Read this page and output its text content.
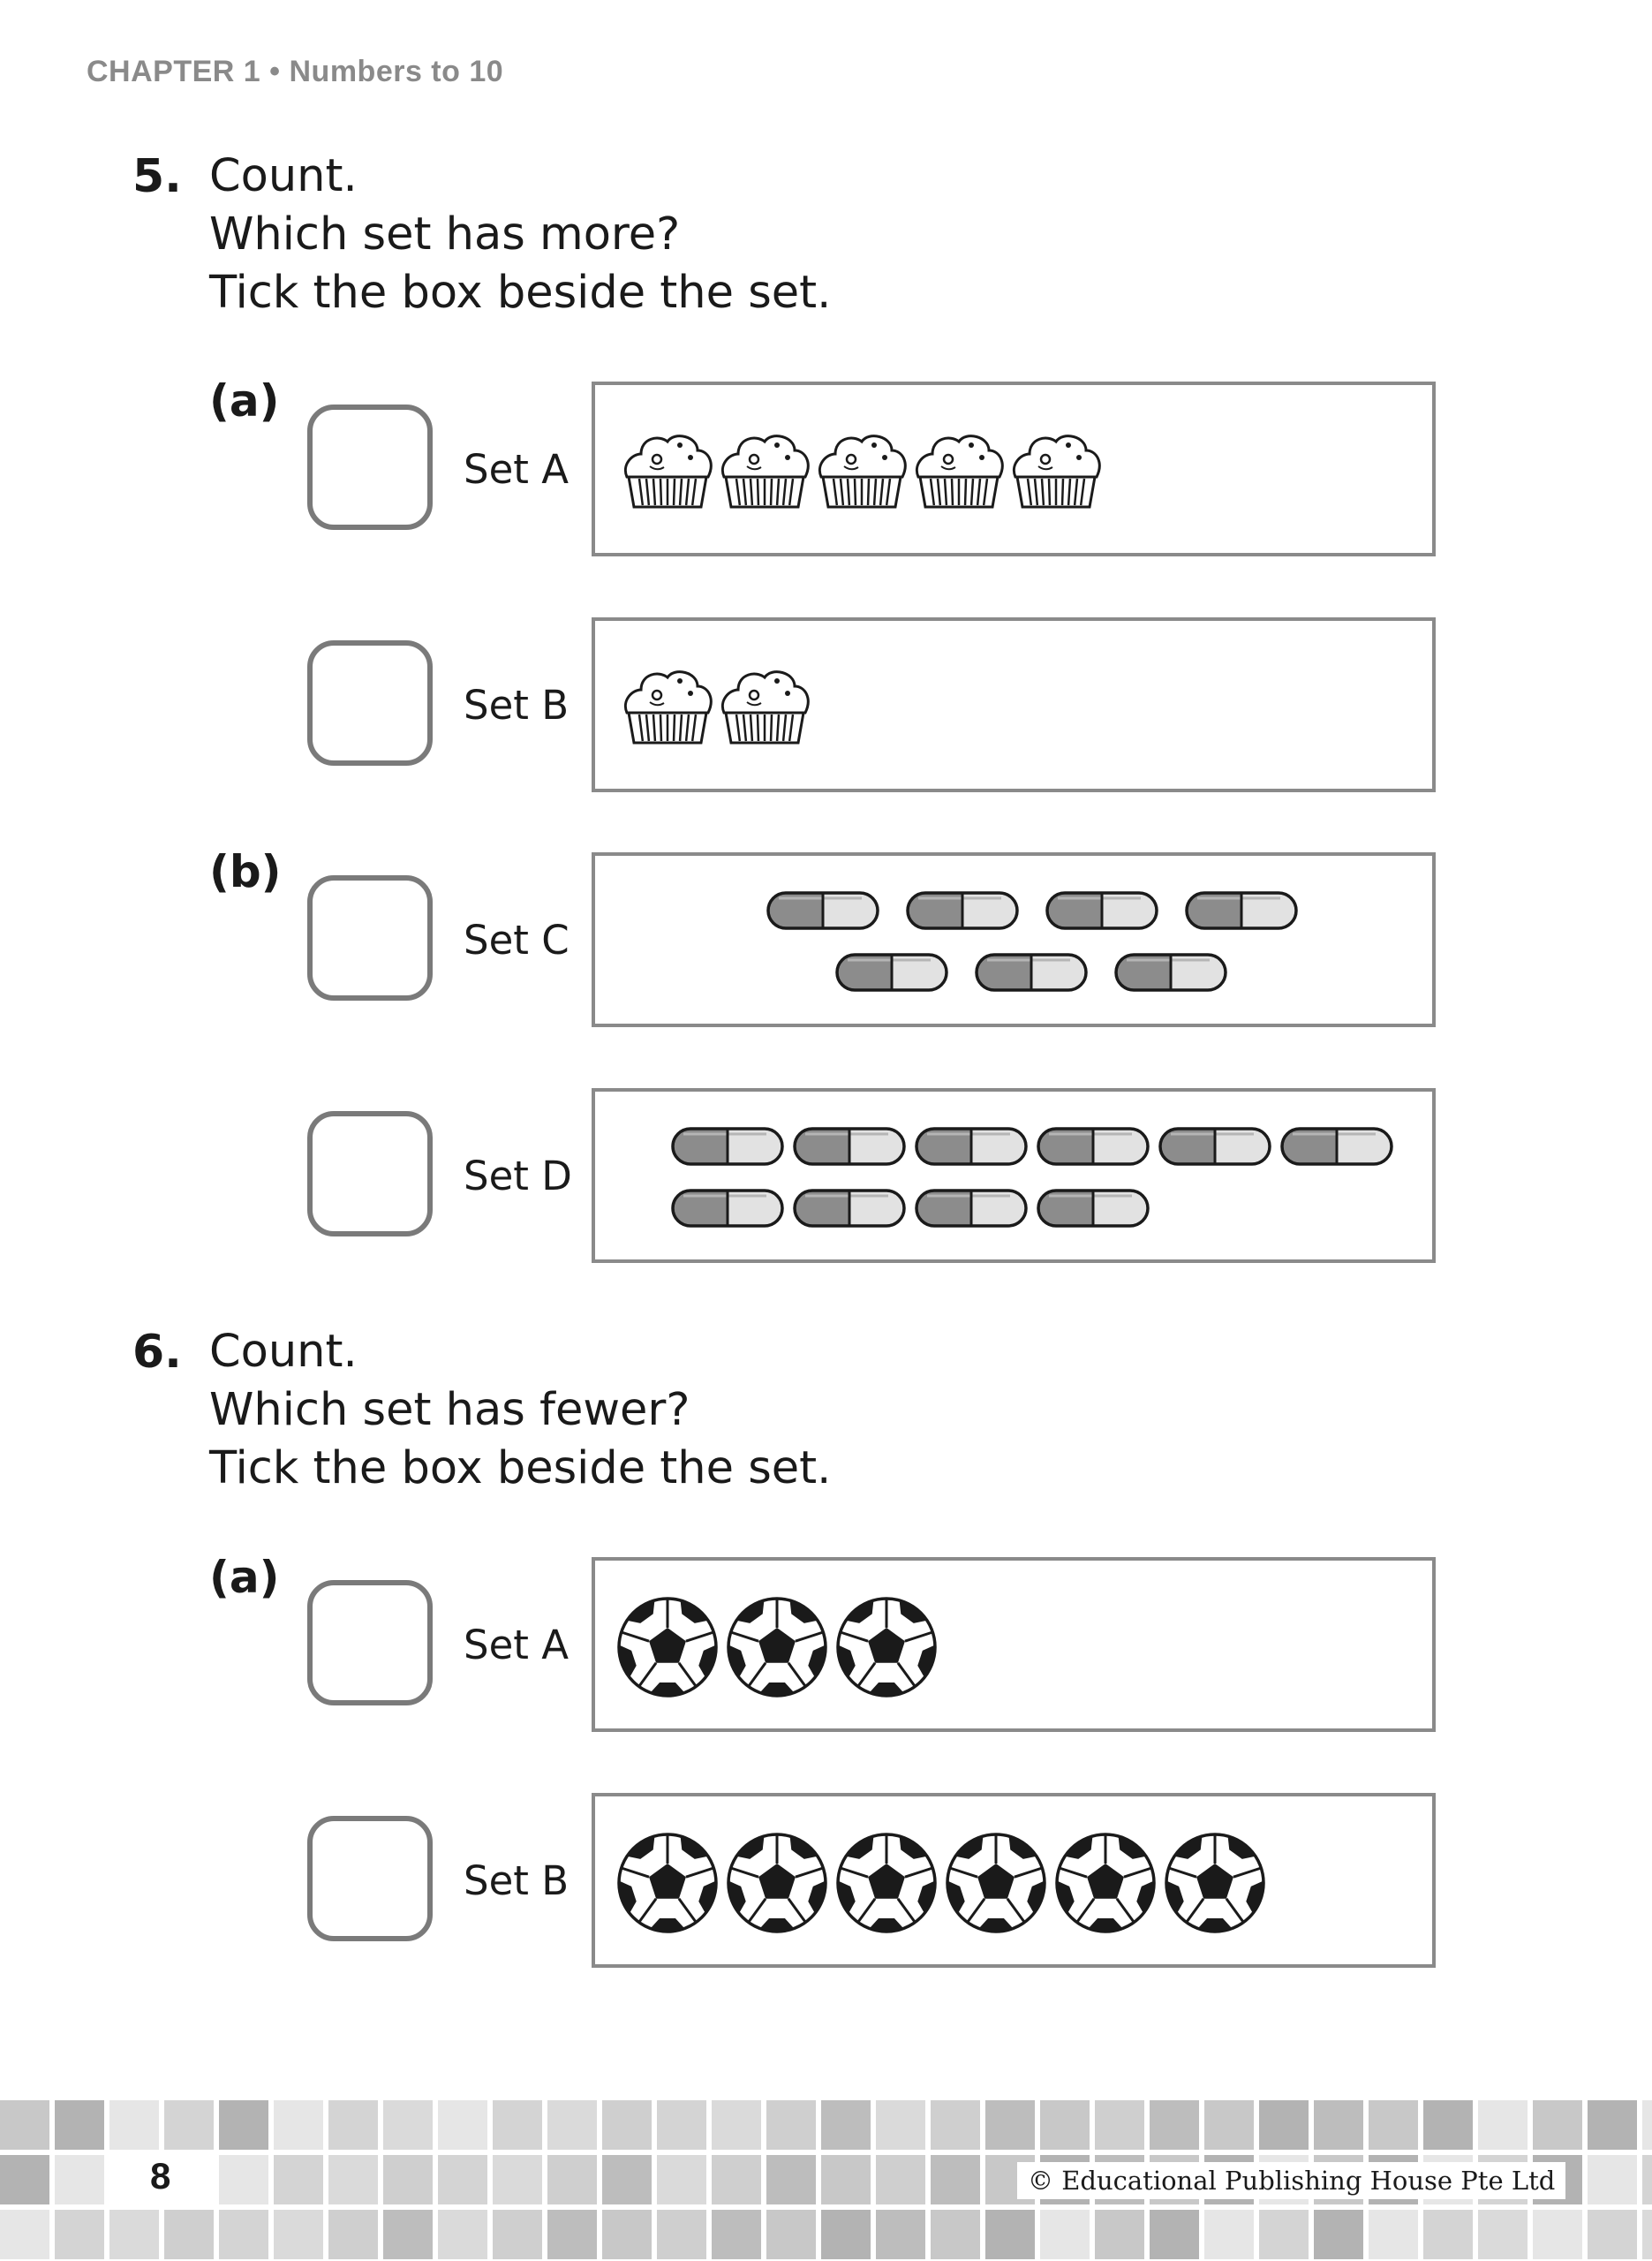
CHAPTER 1 • Numbers to 10
5. Count.
Which set has more?
Tick the box beside the set.
(a)
Set A
Set B
(b)
Set C
Set D
6. Count.
Which set has fewer?
Tick the box beside the set.
(a)
Set A
Set B
8	© Educational Publishing House Pte Ltd
